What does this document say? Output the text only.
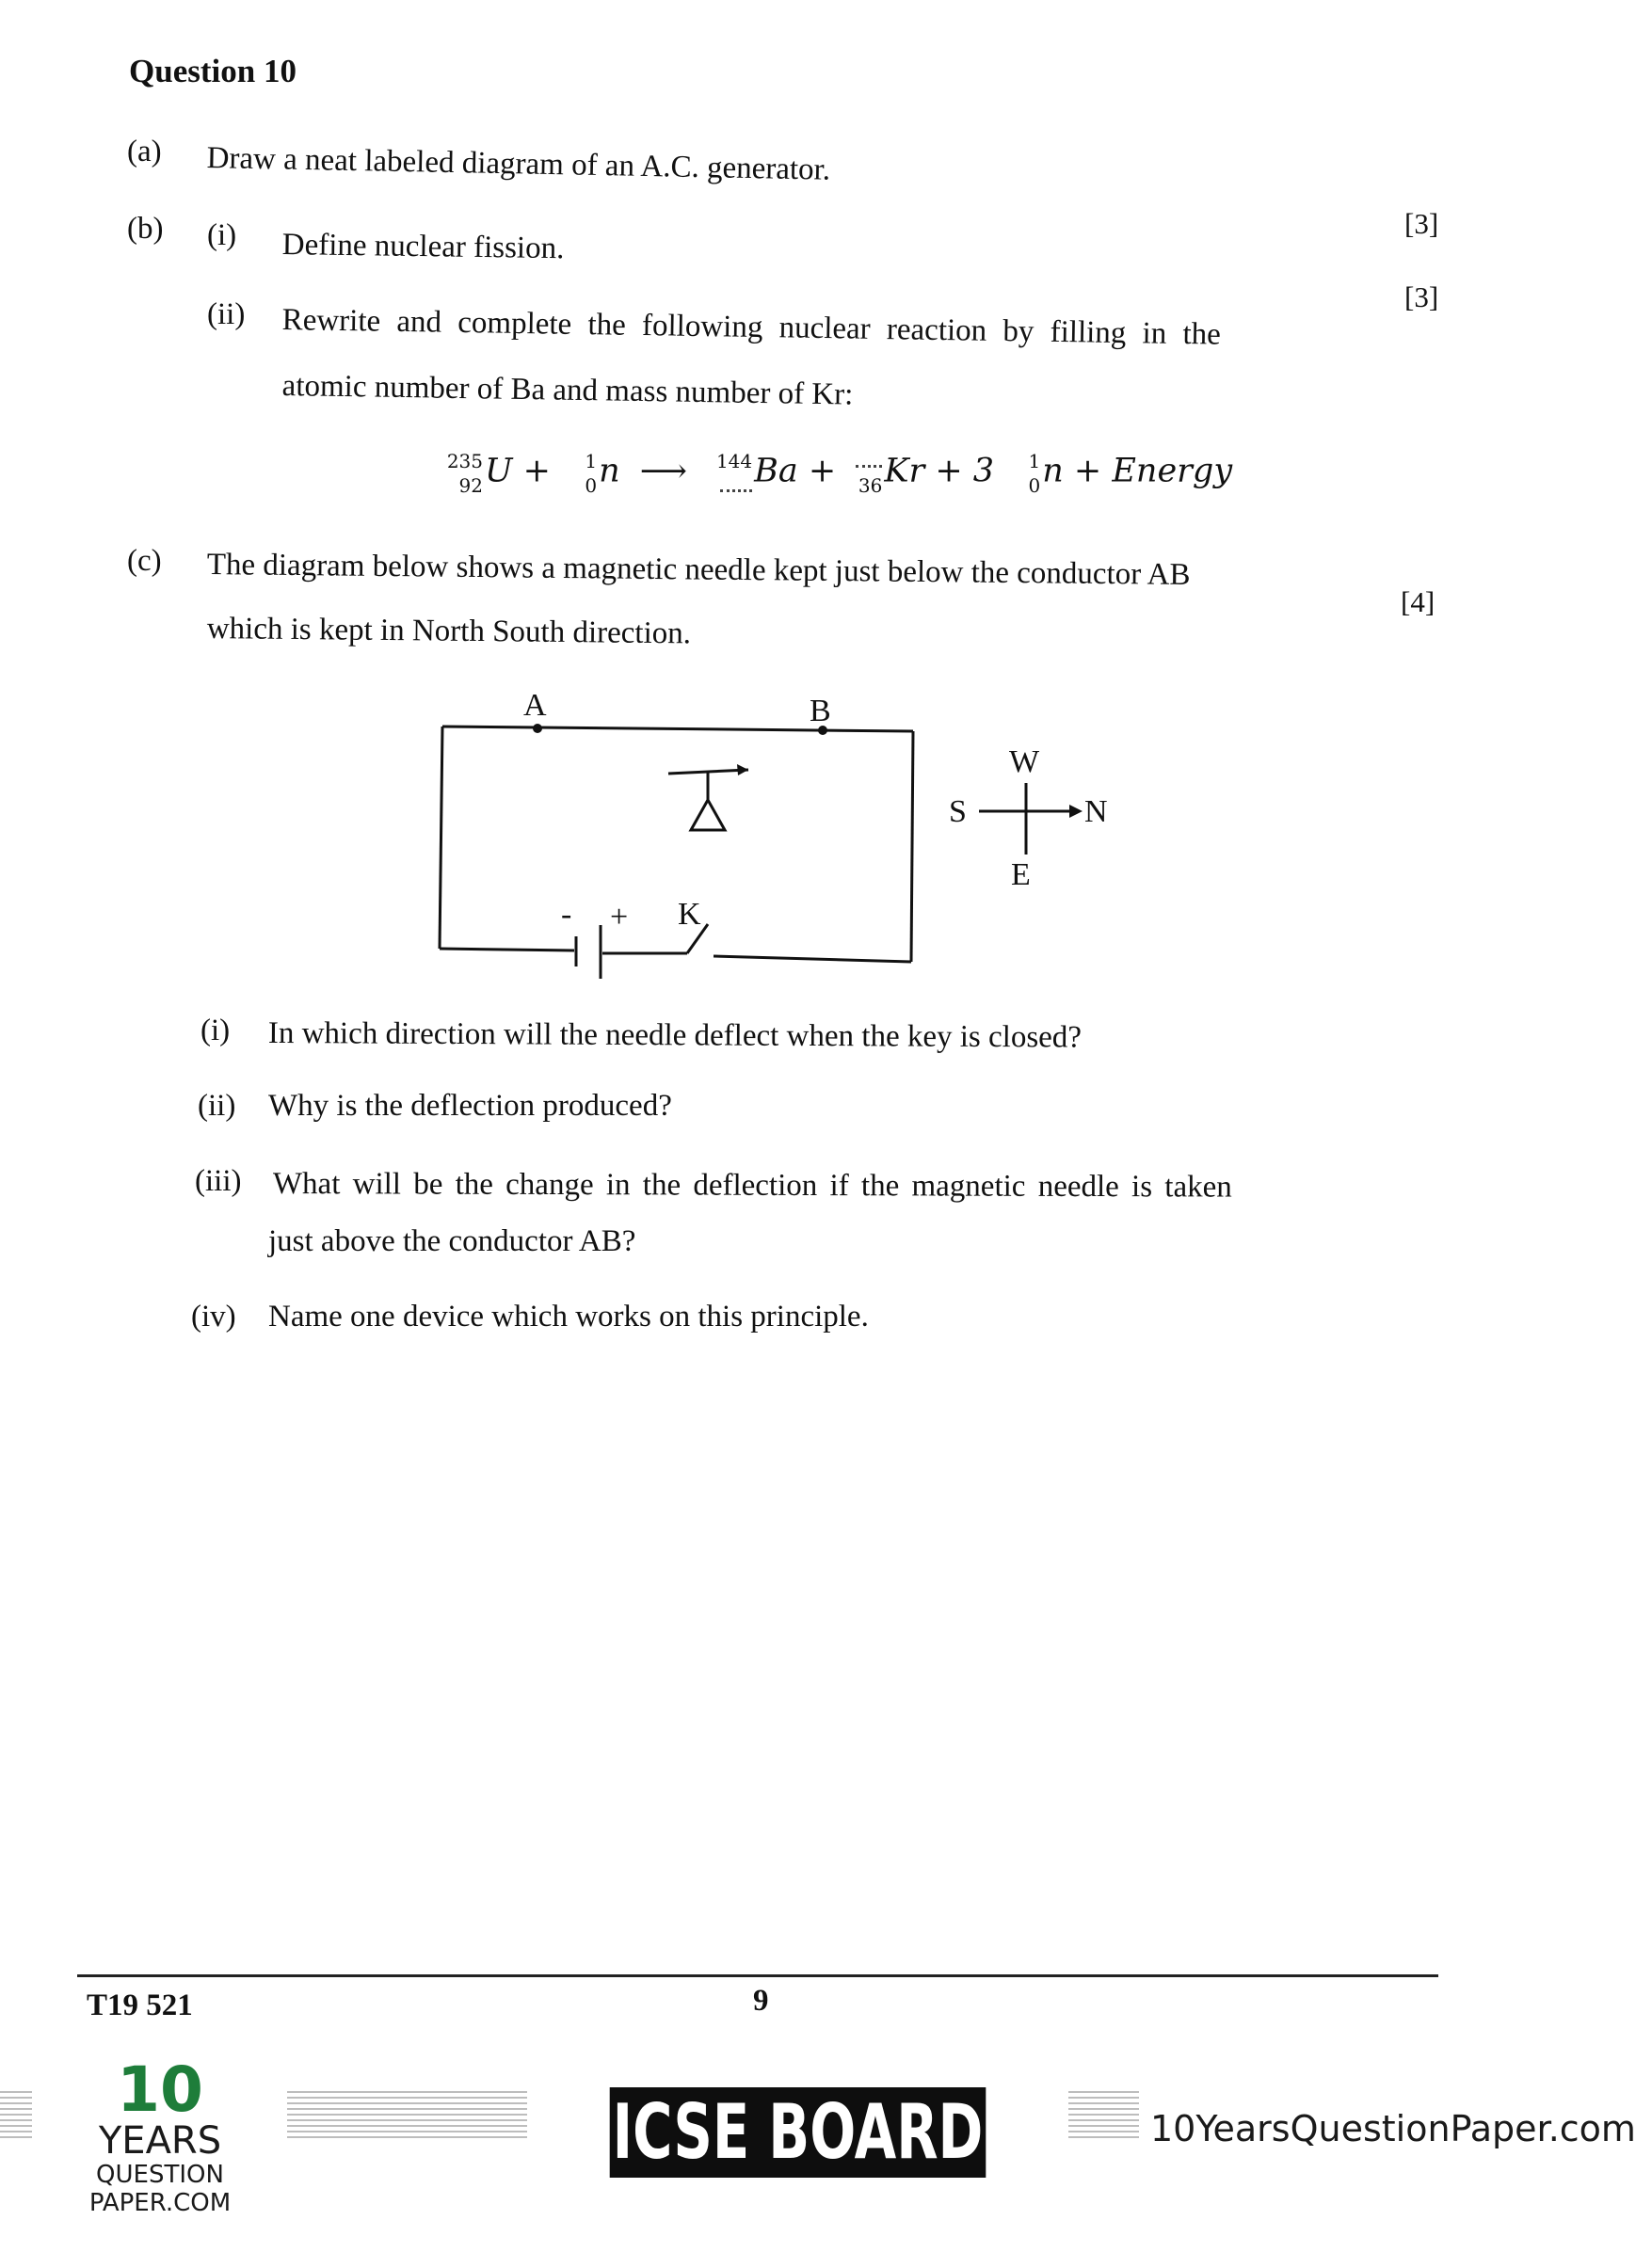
Question 10
(a) Draw a neat labeled diagram of an A.C. generator.
[3]
(b) (i) Define nuclear fission.
[3]
(ii) Rewrite and complete the following nuclear reaction by filling in the
atomic number of Ba and mass number of Kr:
235
92 U + 1
0 n ⟶ 144 Ba + 36 Kr + 3 1
0 n + Energy
(c) The diagram below shows a magnetic needle kept just below the conductor AB
[4]
which is kept in North South direction.
A	B
K
- +
W
S	N
E
(i) In which direction will the needle deflect when the key is closed?
(ii) Why is the deflection produced?
(iii) What will be the change in the deflection if the magnetic needle is taken
just above the conductor AB?
(iv) Name one device which works on this principle.
T19 521	9
10
YEARS
QUESTION PAPER.COM
ICSE BOARD X
10YearsQuestionPaper.com
